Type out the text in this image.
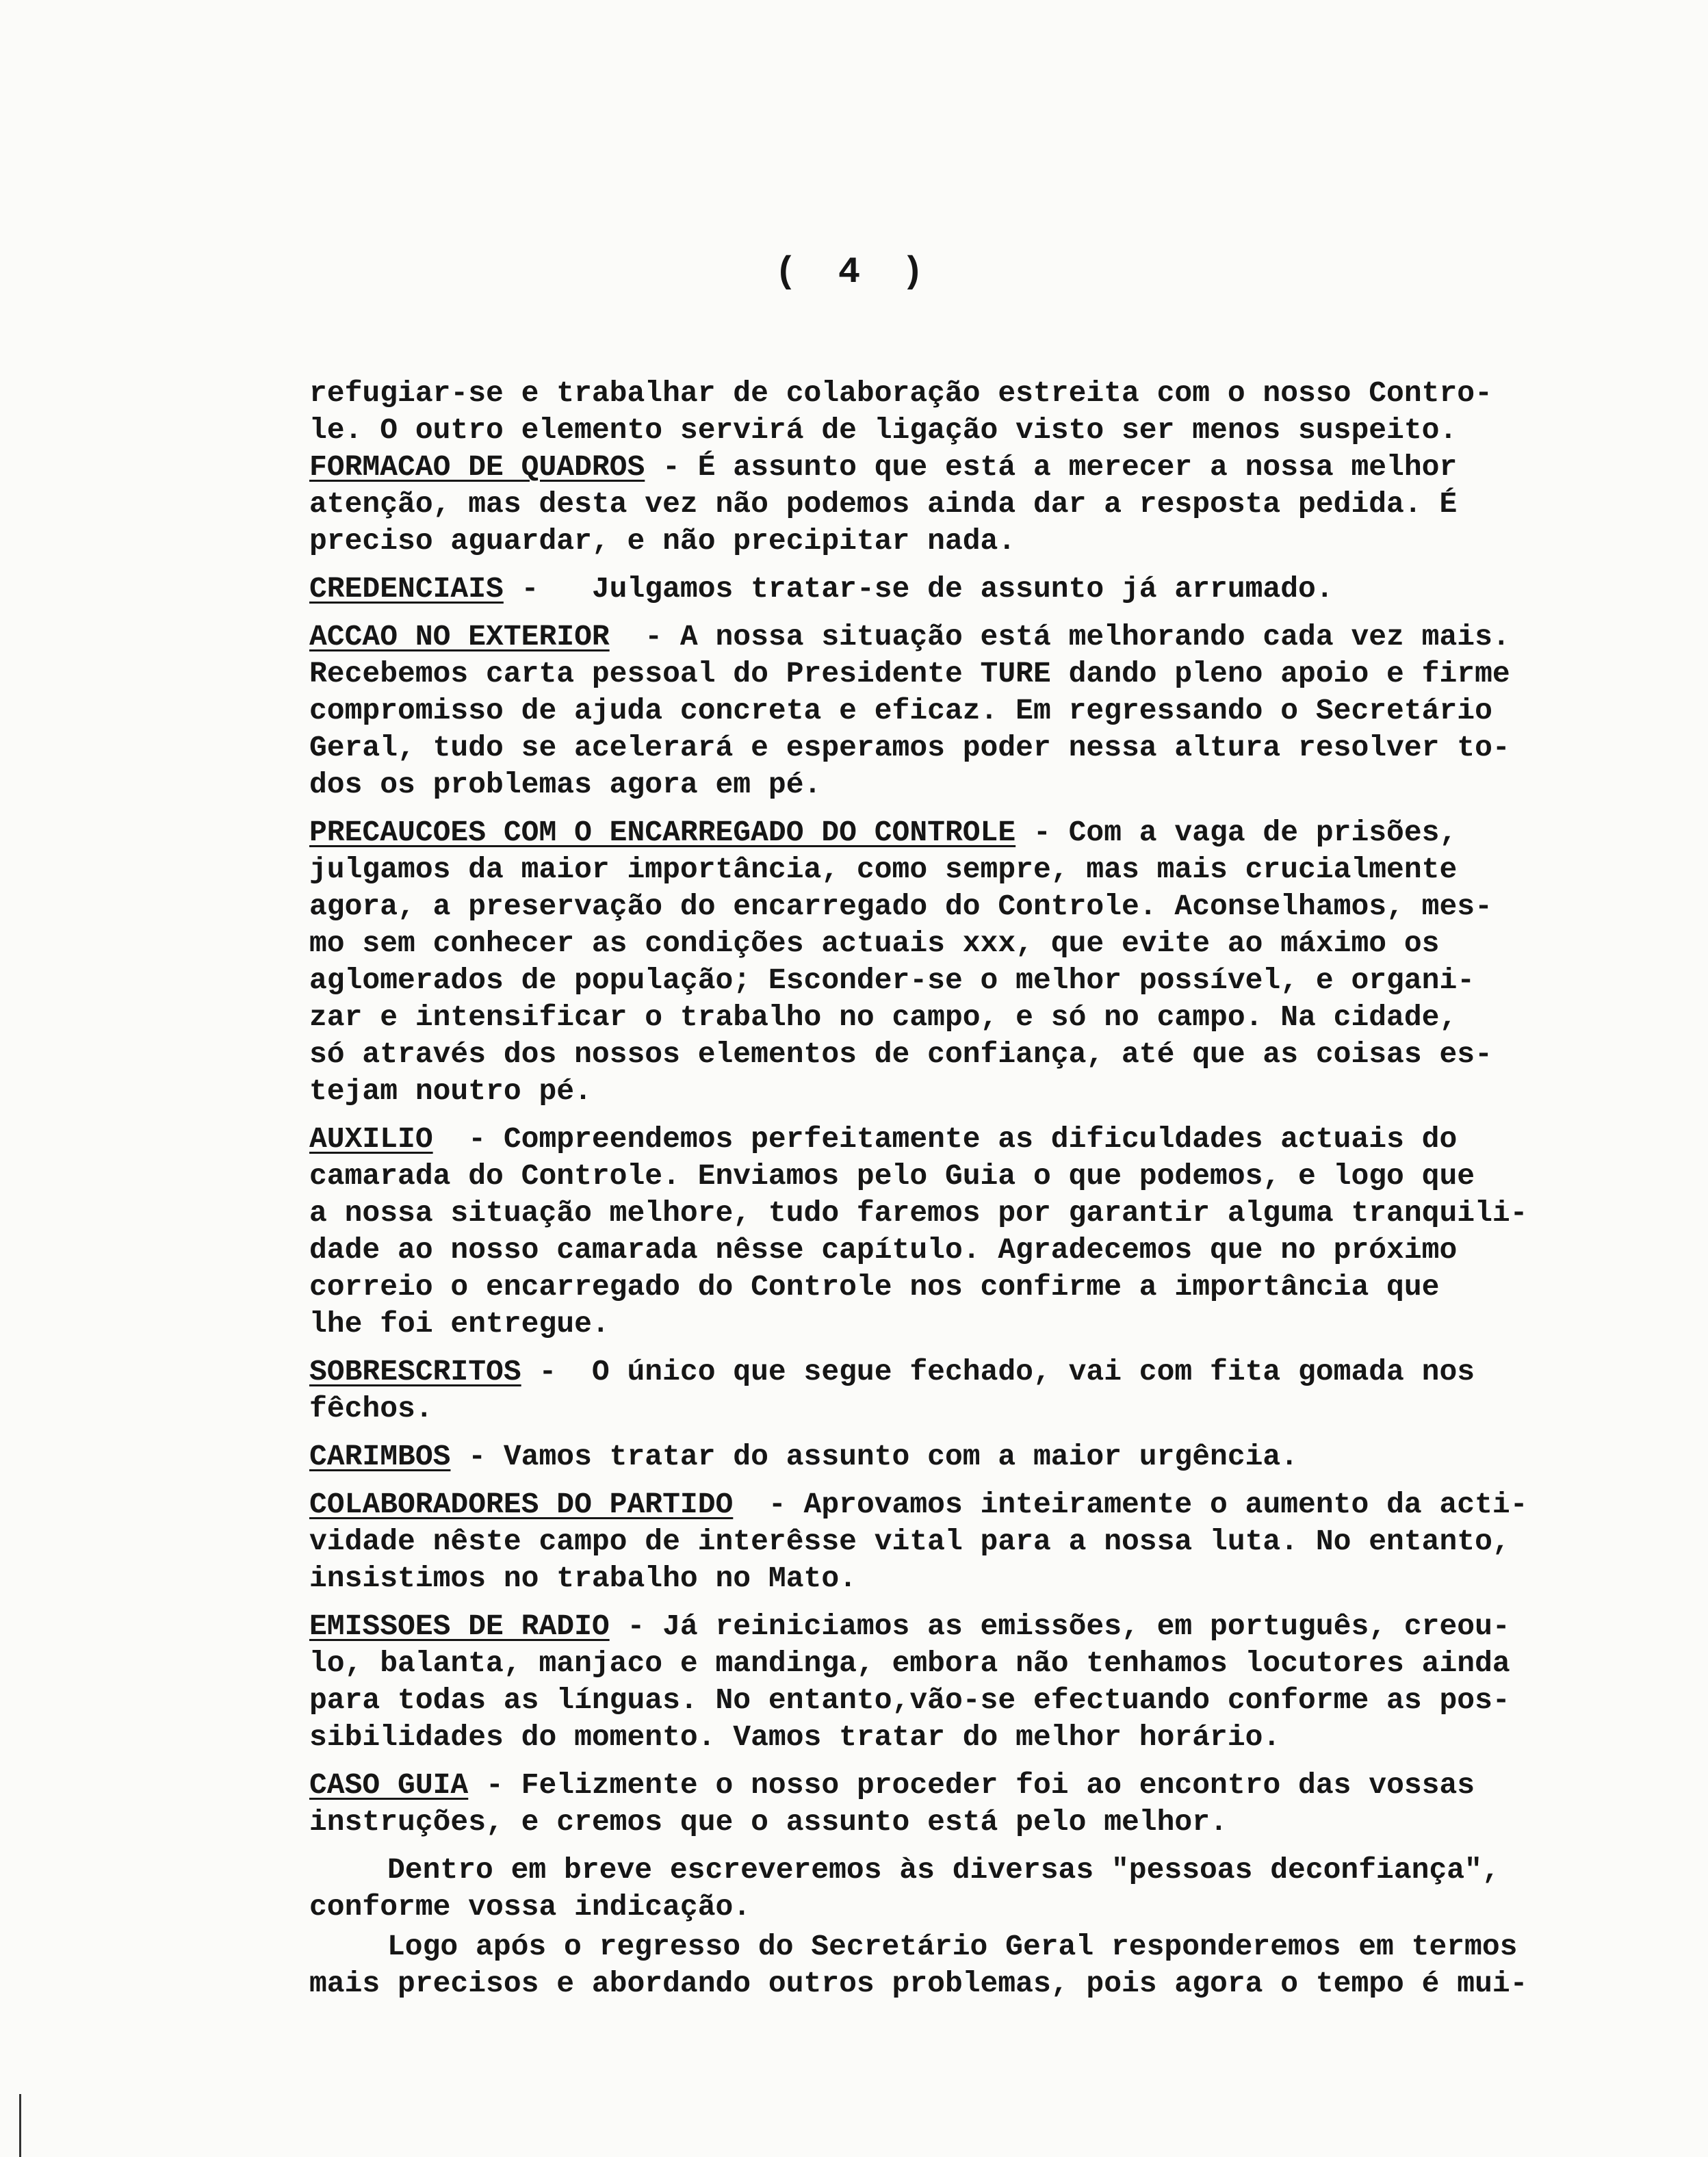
( 4 )
refugiar-se e trabalhar de colaboração estreita com o nosso Contro-
le. O outro elemento servirá de ligação visto ser menos suspeito.
FORMACAO DE QUADROS - É assunto que está a merecer a nossa melhor
atenção, mas desta vez não podemos ainda dar a resposta pedida. É
preciso aguardar, e não precipitar nada.
CREDENCIAIS -   Julgamos tratar-se de assunto já arrumado.
ACCAO NO EXTERIOR  - A nossa situação está melhorando cada vez mais.
Recebemos carta pessoal do Presidente TURE dando pleno apoio e firme
compromisso de ajuda concreta e eficaz. Em regressando o Secretário
Geral, tudo se acelerará e esperamos poder nessa altura resolver to-
dos os problemas agora em pé.
PRECAUCOES COM O ENCARREGADO DO CONTROLE - Com a vaga de prisões,
julgamos da maior importância, como sempre, mas mais crucialmente
agora, a preservação do encarregado do Controle. Aconselhamos, mes-
mo sem conhecer as condições actuais xxx, que evite ao máximo os
aglomerados de população; Esconder-se o melhor possível, e organi-
zar e intensificar o trabalho no campo, e só no campo. Na cidade,
só através dos nossos elementos de confiança, até que as coisas es-
tejam noutro pé.
AUXILIO  - Compreendemos perfeitamente as dificuldades actuais do
camarada do Controle. Enviamos pelo Guia o que podemos, e logo que
a nossa situação melhore, tudo faremos por garantir alguma tranquili-
dade ao nosso camarada nêsse capítulo. Agradecemos que no próximo
correio o encarregado do Controle nos confirme a importância que
lhe foi entregue.
SOBRESCRITOS -  O único que segue fechado, vai com fita gomada nos
fêchos.
CARIMBOS - Vamos tratar do assunto com a maior urgência.
COLABORADORES DO PARTIDO  - Aprovamos inteiramente o aumento da acti-
vidade nêste campo de interêsse vital para a nossa luta. No entanto,
insistimos no trabalho no Mato.
EMISSOES DE RADIO - Já reiniciamos as emissões, em português, creou-
lo, balanta, manjaco e mandinga, embora não tenhamos locutores ainda
para todas as línguas. No entanto,vão-se efectuando conforme as pos-
sibilidades do momento. Vamos tratar do melhor horário.
CASO GUIA - Felizmente o nosso proceder foi ao encontro das vossas
instruções, e cremos que o assunto está pelo melhor.
Dentro em breve escreveremos às diversas "pessoas deconfiança",
conforme vossa indicação.
Logo após o regresso do Secretário Geral responderemos em termos
mais precisos e abordando outros problemas, pois agora o tempo é mui-
